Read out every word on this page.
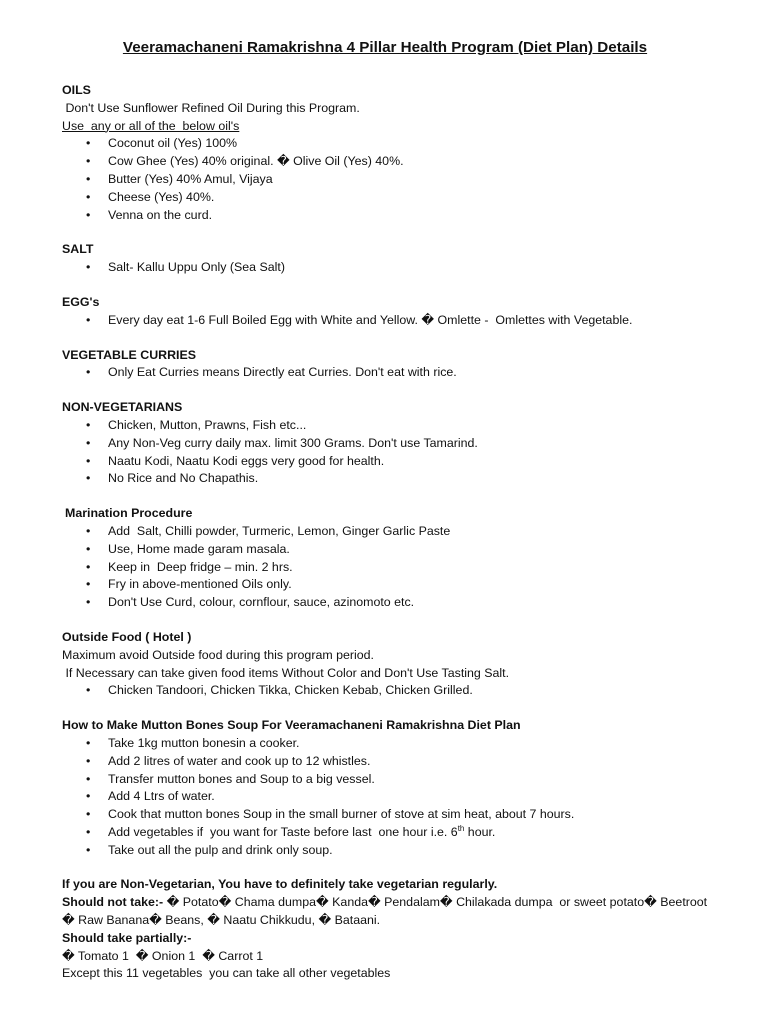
Veeramachaneni Ramakrishna 4 Pillar Health Program (Diet Plan) Details

OILS

Don't Use Sunflower Refined Oil During this Program.

Use  any or all of the  below oil's

• Coconut oil (Yes) 100%
• Cow Ghee (Yes) 40% original. � Olive Oil (Yes) 40%.
• Butter (Yes) 40% Amul, Vijaya
• Cheese (Yes) 40%.
• Venna on the curd.

SALT

• Salt- Kallu Uppu Only (Sea Salt)

EGG's

• Every day eat 1-6 Full Boiled Egg with White and Yellow. � Omlette -  Omlettes with Vegetable.

VEGETABLE CURRIES

• Only Eat Curries means Directly eat Curries. Don't eat with rice.

NON-VEGETARIANS

• Chicken, Mutton, Prawns, Fish etc...
• Any Non-Veg curry daily max. limit 300 Grams. Don't use Tamarind.
• Naatu Kodi, Naatu Kodi eggs very good for health.
• No Rice and No Chapathis.

Marination Procedure

• Add  Salt, Chilli powder, Turmeric, Lemon, Ginger Garlic Paste
• Use, Home made garam masala.
• Keep in  Deep fridge – min. 2 hrs.
• Fry in above-mentioned Oils only.
• Don't Use Curd, colour, cornflour, sauce, azinomoto etc.

Outside Food ( Hotel )

Maximum avoid Outside food during this program period.

If Necessary can take given food items Without Color and Don't Use Tasting Salt.

• Chicken Tandoori, Chicken Tikka, Chicken Kebab, Chicken Grilled.

How to Make Mutton Bones Soup For Veeramachaneni Ramakrishna Diet Plan

• Take 1kg mutton bonesin a cooker.
• Add 2 litres of water and cook up to 12 whistles.
• Transfer mutton bones and Soup to a big vessel.
• Add 4 Ltrs of water.
• Cook that mutton bones Soup in the small burner of stove at sim heat, about 7 hours.
• Add vegetables if  you want for Taste before last  one hour i.e. 6th hour.
• Take out all the pulp and drink only soup.

If you are Non-Vegetarian, You have to definitely take vegetarian regularly.

Should not take:- � Potato� Chama dumpa� Kanda� Pendalam� Chilakada dumpa  or sweet potato� Beetroot

� Raw Banana� Beans, � Naatu Chikkudu, � Bataani.

Should take partially:-

� Tomato 1  � Onion 1  � Carrot 1

Except this 11 vegetables  you can take all other vegetables
